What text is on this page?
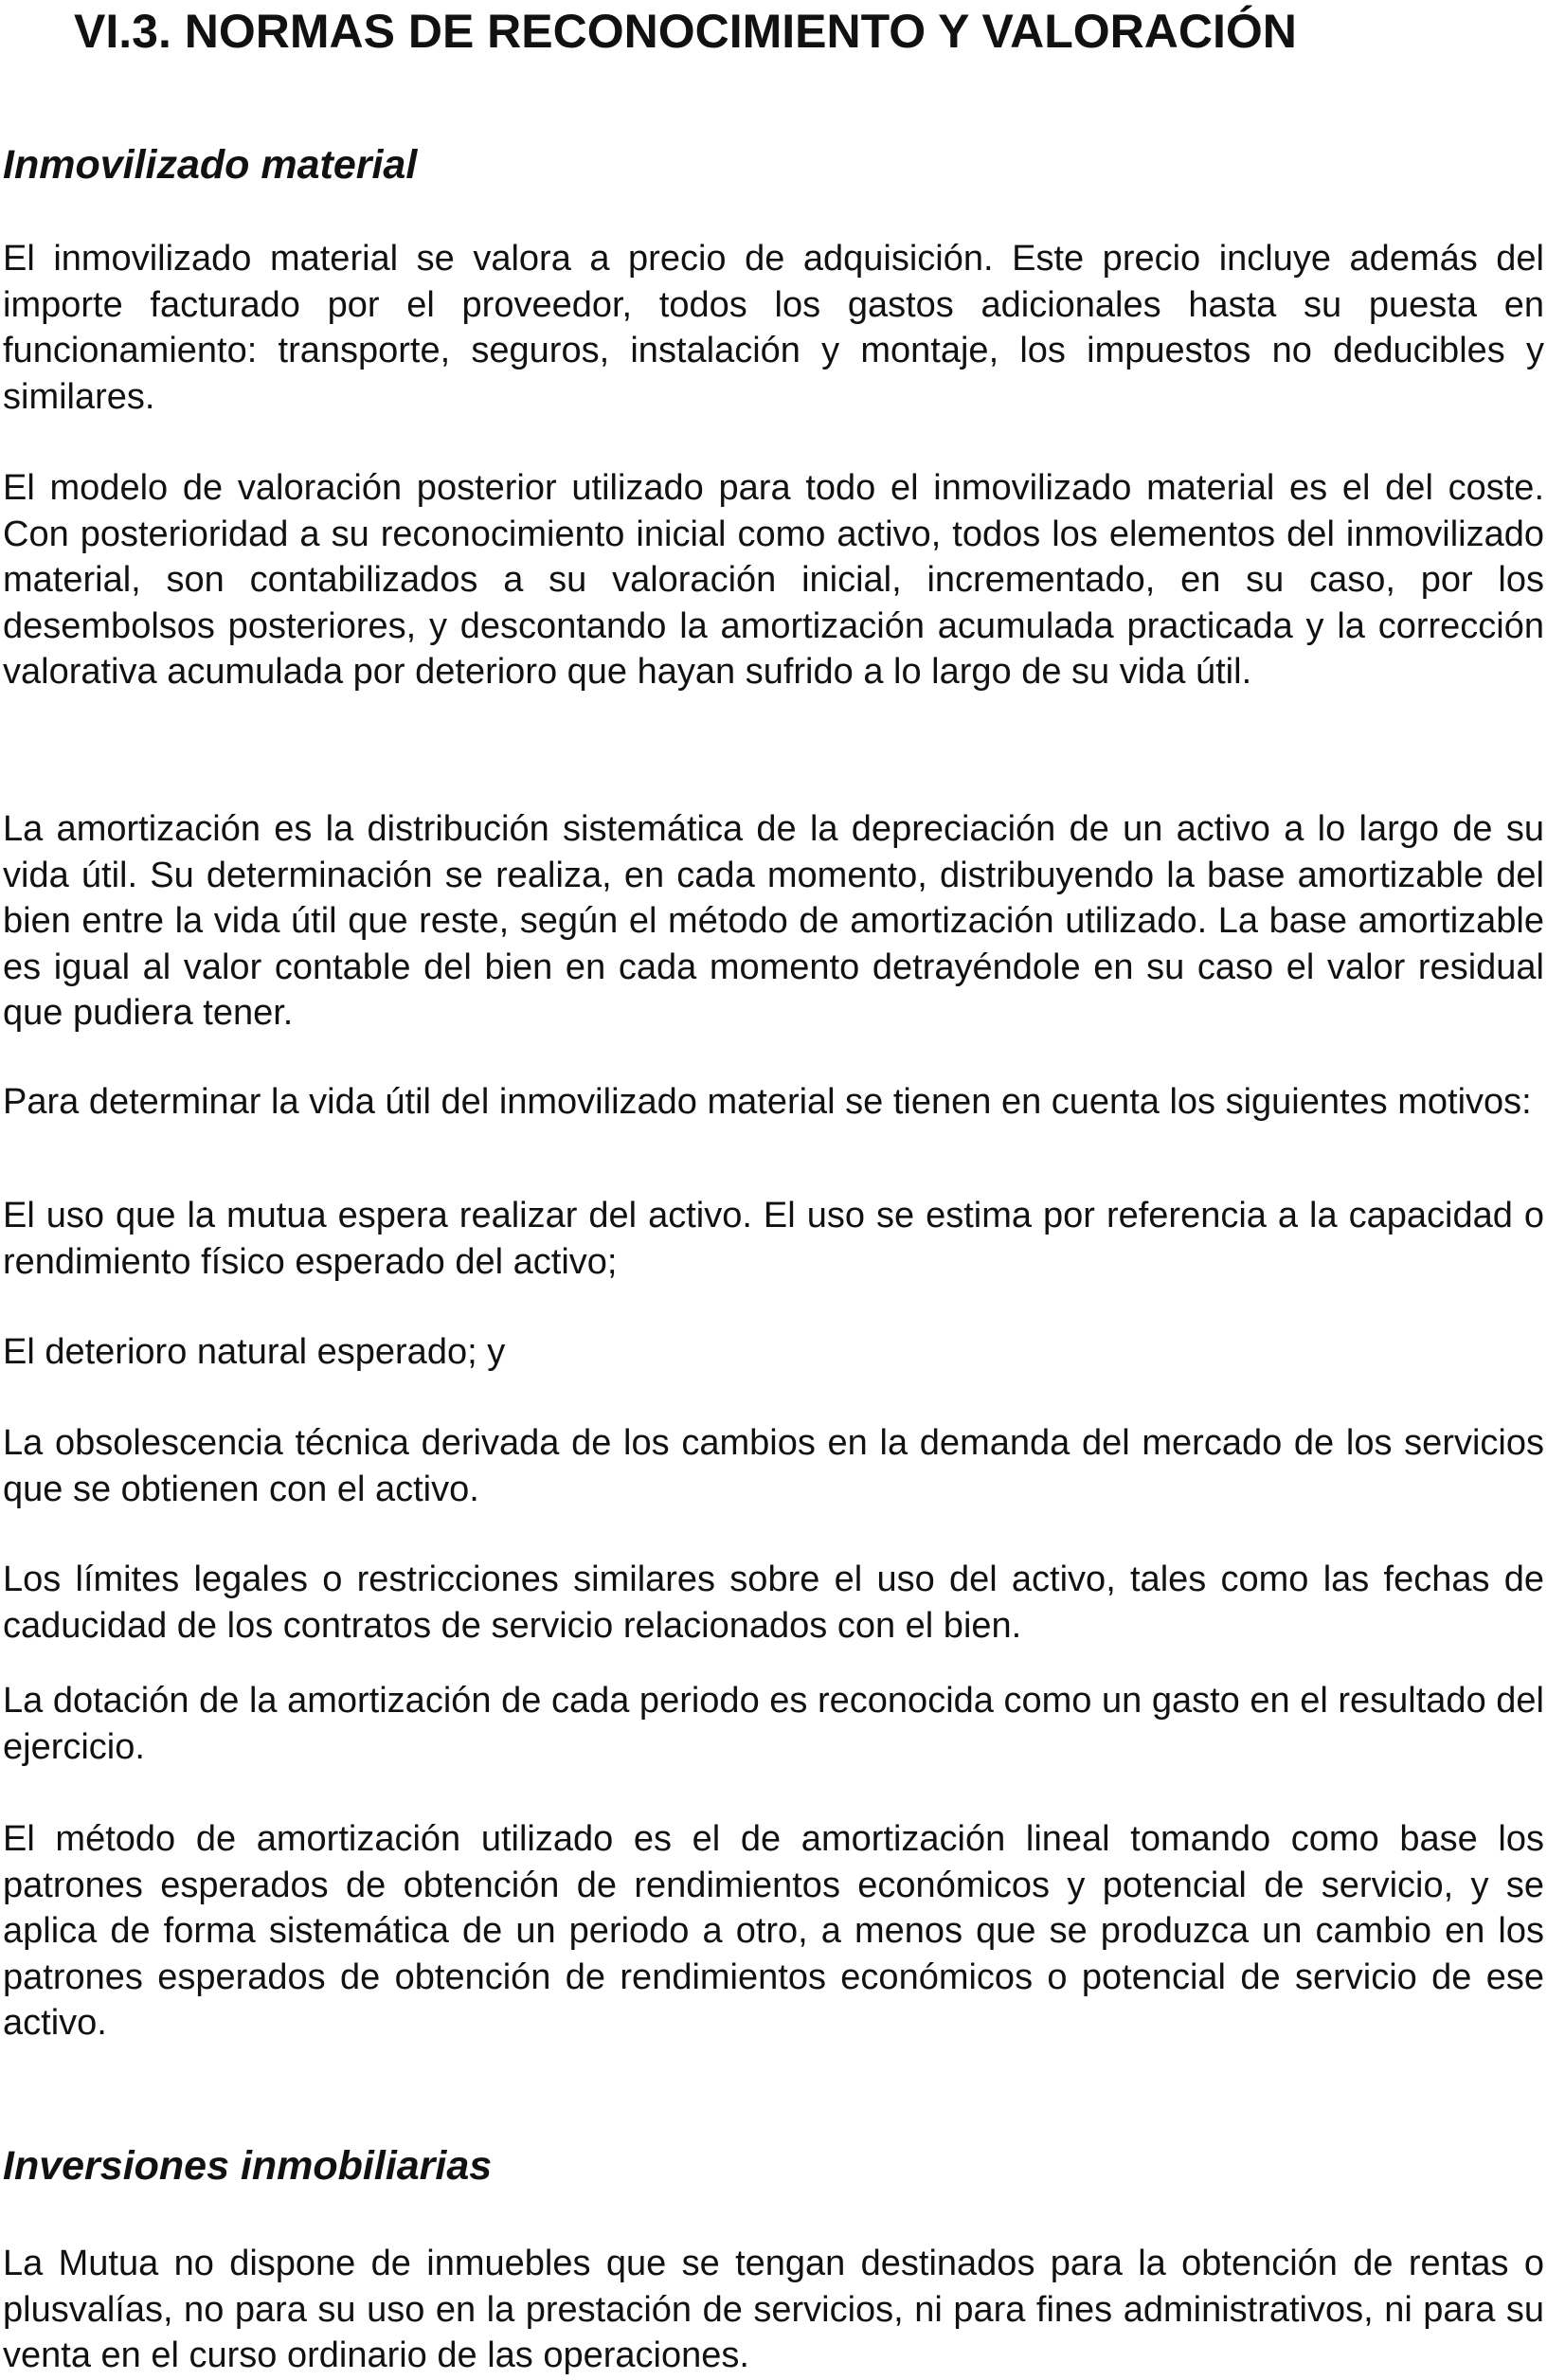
VI.3. NORMAS DE RECONOCIMIENTO Y VALORACIÓN
Inmovilizado material

El inmovilizado material se valora a precio de adquisición. Este precio incluye además del importe facturado por el proveedor, todos los gastos adicionales hasta su puesta en funcionamiento: transporte, seguros, instalación y montaje, los impuestos no deducibles y similares.

El modelo de valoración posterior utilizado para todo el inmovilizado material es el del coste. Con posterioridad a su reconocimiento inicial como activo, todos los elementos del inmovilizado material, son contabilizados a su valoración inicial, incrementado, en su caso, por los desembolsos posteriores, y descontando la amortización acumulada practicada y la corrección valorativa acumulada por deterioro que hayan sufrido a lo largo de su vida útil.

La amortización es la distribución sistemática de la depreciación de un activo a lo largo de su vida útil. Su determinación se realiza, en cada momento, distribuyendo la base amortizable del bien entre la vida útil que reste, según el método de amortización utilizado. La base amortizable es igual al valor contable del bien en cada momento detrayéndole en su caso el valor residual que pudiera tener.

Para determinar la vida útil del inmovilizado material se tienen en cuenta los siguientes motivos:

El uso que la mutua espera realizar del activo. El uso se estima por referencia a la capacidad o rendimiento físico esperado del activo;

El deterioro natural esperado; y

La obsolescencia técnica derivada de los cambios en la demanda del mercado de los servicios que se obtienen con el activo.

Los límites legales o restricciones similares sobre el uso del activo, tales como las fechas de caducidad de los contratos de servicio relacionados con el bien.

La dotación de la amortización de cada periodo es reconocida como un gasto en el resultado del ejercicio.

El método de amortización utilizado es el de amortización lineal tomando como base los patrones esperados de obtención de rendimientos económicos y potencial de servicio, y se aplica de forma sistemática de un periodo a otro, a menos que se produzca un cambio en los patrones esperados de obtención de rendimientos económicos o potencial de servicio de ese activo.

Inversiones inmobiliarias

La Mutua no dispone de inmuebles que se tengan destinados para la obtención de rentas o plusvalías, no para su uso en la prestación de servicios, ni para fines administrativos, ni para su venta en el curso ordinario de las operaciones.
